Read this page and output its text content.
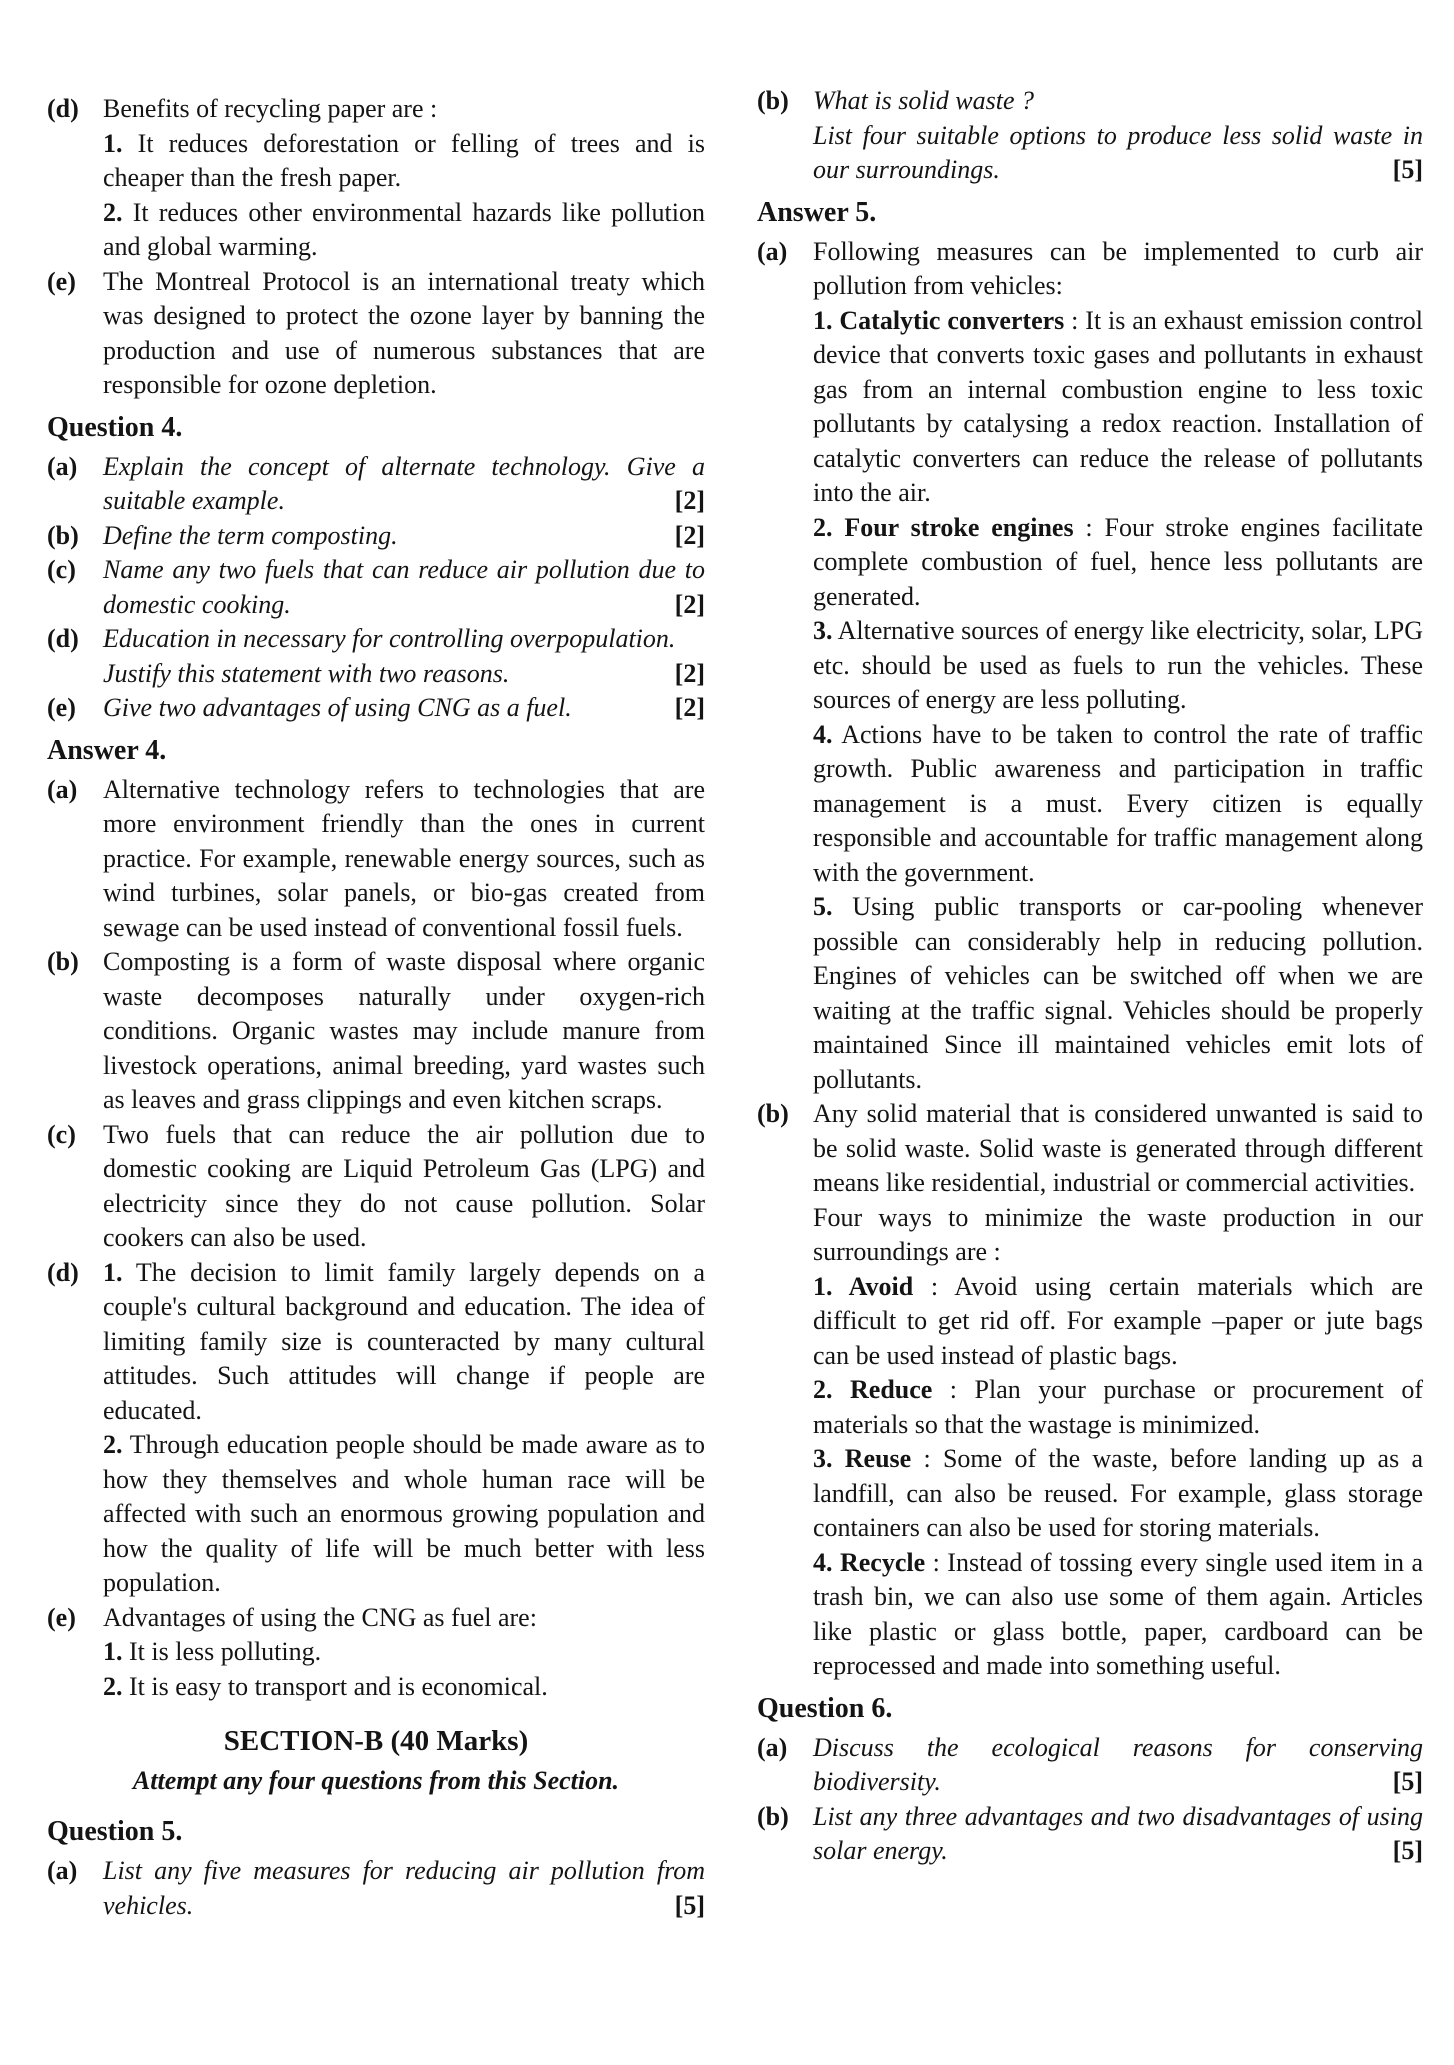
(d) Benefits of recycling paper are :
1. It reduces deforestation or felling of trees and is cheaper than the fresh paper.
2. It reduces other environmental hazards like pollution and global warming.
(e) The Montreal Protocol is an international treaty which was designed to protect the ozone layer by banning the production and use of numerous substances that are responsible for ozone depletion.
Question 4.
(a) Explain the concept of alternate technology. Give a suitable example.	[2]
(b) Define the term composting.	[2]
(c) Name any two fuels that can reduce air pollution due to domestic cooking.	[2]
(d) Education in necessary for controlling overpopulation.
Justify this statement with two reasons.	[2]
(e) Give two advantages of using CNG as a fuel.	[2]
Answer 4.
(a) Alternative technology refers to technologies that are more environment friendly than the ones in current practice. For example, renewable energy sources, such as wind turbines, solar panels, or bio-gas created from sewage can be used instead of conventional fossil fuels.
(b) Composting is a form of waste disposal where organic waste decomposes naturally under oxygen-rich conditions. Organic wastes may include manure from livestock operations, animal breeding, yard wastes such as leaves and grass clippings and even kitchen scraps.
(c) Two fuels that can reduce the air pollution due to domestic cooking are Liquid Petroleum Gas (LPG) and electricity since they do not cause pollution. Solar cookers can also be used.
(d) 1. The decision to limit family largely depends on a couple's cultural background and education. The idea of limiting family size is counteracted by many cultural attitudes. Such attitudes will change if people are educated.
2. Through education people should be made aware as to how they themselves and whole human race will be affected with such an enormous growing population and how the quality of life will be much better with less population.
(e) Advantages of using the CNG as fuel are:
1. It is less polluting.
2. It is easy to transport and is economical.
SECTION-B (40 Marks)
Attempt any four questions from this Section.
Question 5.
(a) List any five measures for reducing air pollution from vehicles.	[5]
(b) What is solid waste ?
List four suitable options to produce less solid waste in our surroundings.	[5]
Answer 5.
(a) Following measures can be implemented to curb air pollution from vehicles:
1. Catalytic converters : It is an exhaust emission control device that converts toxic gases and pollutants in exhaust gas from an internal combustion engine to less toxic pollutants by catalysing a redox reaction. Installation of catalytic converters can reduce the release of pollutants into the air.
2. Four stroke engines : Four stroke engines facilitate complete combustion of fuel, hence less pollutants are generated.
3. Alternative sources of energy like electricity, solar, LPG etc. should be used as fuels to run the vehicles. These sources of energy are less polluting.
4. Actions have to be taken to control the rate of traffic growth. Public awareness and participation in traffic management is a must. Every citizen is equally responsible and accountable for traffic management along with the government.
5. Using public transports or car-pooling whenever possible can considerably help in reducing pollution. Engines of vehicles can be switched off when we are waiting at the traffic signal. Vehicles should be properly maintained Since ill maintained vehicles emit lots of pollutants.
(b) Any solid material that is considered unwanted is said to be solid waste. Solid waste is generated through different means like residential, industrial or commercial activities.
Four ways to minimize the waste production in our surroundings are :
1. Avoid : Avoid using certain materials which are difficult to get rid off. For example –paper or jute bags can be used instead of plastic bags.
2. Reduce : Plan your purchase or procurement of materials so that the wastage is minimized.
3. Reuse : Some of the waste, before landing up as a landfill, can also be reused. For example, glass storage containers can also be used for storing materials.
4. Recycle : Instead of tossing every single used item in a trash bin, we can also use some of them again. Articles like plastic or glass bottle, paper, cardboard can be reprocessed and made into something useful.
Question 6.
(a) Discuss the ecological reasons for conserving biodiversity.	[5]
(b) List any three advantages and two disadvantages of using solar energy.	[5]
